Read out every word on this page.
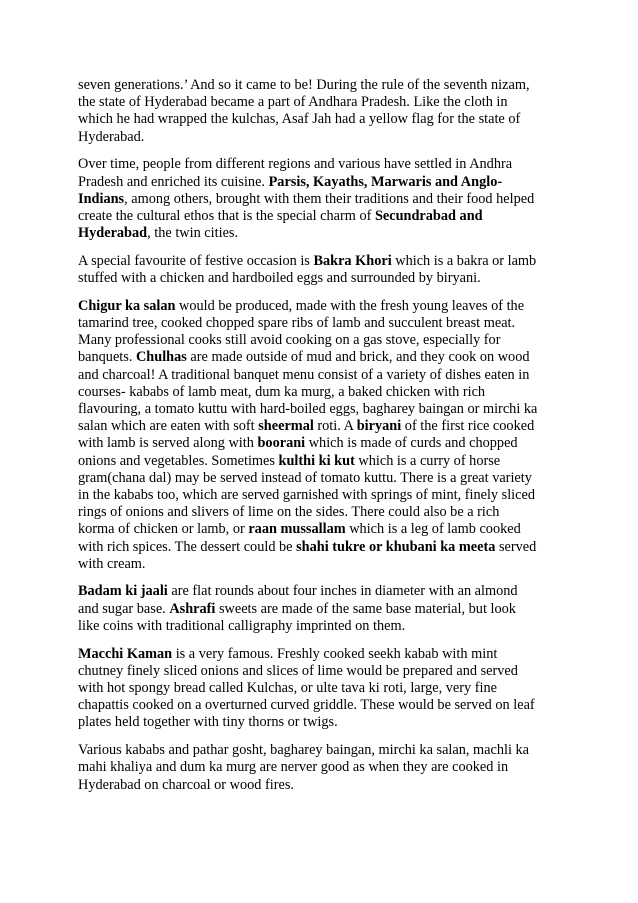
seven generations.’ And so it came to be! During the rule of the seventh nizam,
the state of Hyderabad became a part of Andhara Pradesh. Like the cloth in
which he had wrapped the kulchas, Asaf Jah had a yellow flag for the state of
Hyderabad.

Over time, people from different regions and various have settled in Andhra
Pradesh and enriched its cuisine. Parsis, Kayaths, Marwaris and Anglo-
Indians, among others, brought with them their traditions and their food helped
create the cultural ethos that is the special charm of Secundrabad and
Hyderabad, the twin cities.

A special favourite of festive occasion is Bakra Khori which is a bakra or lamb
stuffed with a chicken and hardboiled eggs and surrounded by biryani.

Chigur ka salan would be produced, made with the fresh young leaves of the
tamarind tree, cooked chopped spare ribs of lamb and succulent breast meat.
Many professional cooks still avoid cooking on a gas stove, especially for
banquets. Chulhas are made outside of mud and brick, and they cook on wood
and charcoal! A traditional banquet menu consist of a variety of dishes eaten in
courses- kababs of lamb meat, dum ka murg, a baked chicken with rich
flavouring, a tomato kuttu with hard-boiled eggs, bagharey baingan or mirchi ka
salan which are eaten with soft sheermal roti. A biryani of the first rice cooked
with lamb is served along with boorani which is made of curds and chopped
onions and vegetables. Sometimes kulthi ki kut which is a curry of horse
gram(chana dal) may be served instead of tomato kuttu. There is a great variety
in the kababs too, which are served garnished with springs of mint, finely sliced
rings of onions and slivers of lime on the sides. There could also be a rich
korma of chicken or lamb, or raan mussallam which is a leg of lamb cooked
with rich spices. The dessert could be shahi tukre or khubani ka meeta served
with cream.

Badam ki jaali are flat rounds about four inches in diameter with an almond
and sugar base. Ashrafi sweets are made of the same base material, but look
like coins with traditional calligraphy imprinted on them.

Macchi Kaman is a very famous. Freshly cooked seekh kabab with mint
chutney finely sliced onions and slices of lime would be prepared and served
with hot spongy bread called Kulchas, or ulte tava ki roti, large, very fine
chapattis cooked on a overturned curved griddle. These would be served on leaf
plates held together with tiny thorns or twigs.

Various kababs and pathar gosht, bagharey baingan, mirchi ka salan, machli ka
mahi khaliya and dum ka murg are nerver good as when they are cooked in
Hyderabad on charcoal or wood fires.
